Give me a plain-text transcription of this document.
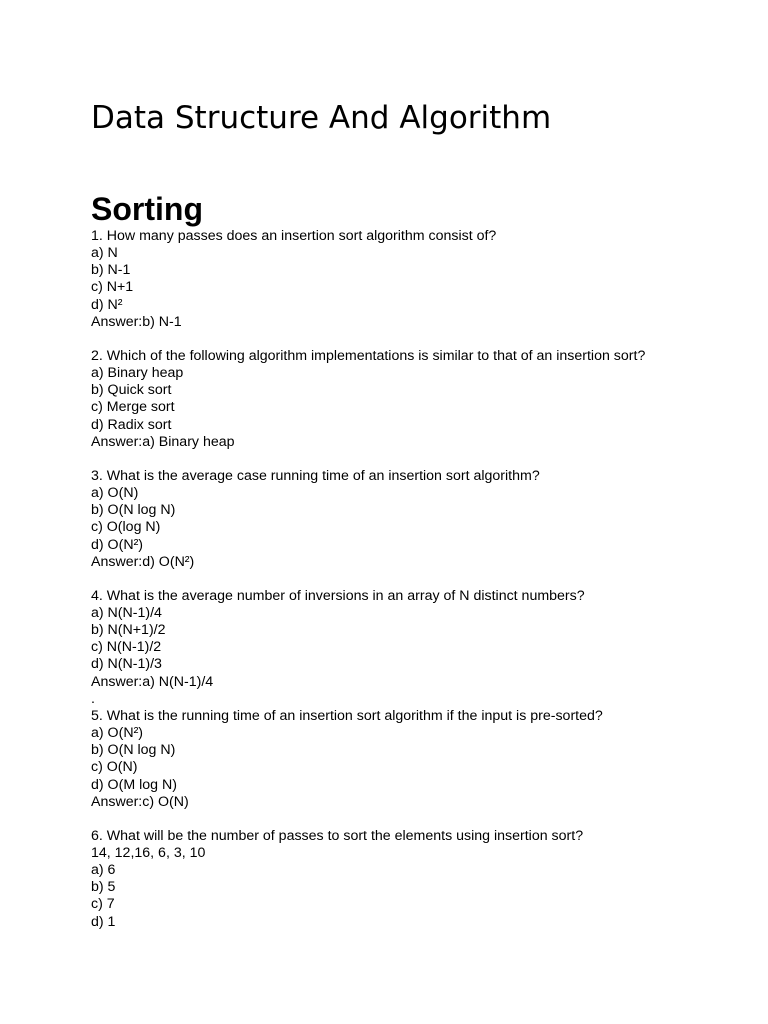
Data Structure And Algorithm
Sorting
1. How many passes does an insertion sort algorithm consist of?
a) N
b) N-1
c) N+1
d) N²
Answer:b) N-1
2. Which of the following algorithm implementations is similar to that of an insertion sort?
a) Binary heap
b) Quick sort
c) Merge sort
d) Radix sort
Answer:a) Binary heap
3. What is the average case running time of an insertion sort algorithm?
a) O(N)
b) O(N log N)
c) O(log N)
d) O(N²)
Answer:d) O(N²)
4. What is the average number of inversions in an array of N distinct numbers?
a) N(N-1)/4
b) N(N+1)/2
c) N(N-1)/2
d) N(N-1)/3
Answer:a) N(N-1)/4
.
5. What is the running time of an insertion sort algorithm if the input is pre-sorted?
a) O(N²)
b) O(N log N)
c) O(N)
d) O(M log N)
Answer:c) O(N)
6. What will be the number of passes to sort the elements using insertion sort?
14, 12,16, 6, 3, 10
a) 6
b) 5
c) 7
d) 1
